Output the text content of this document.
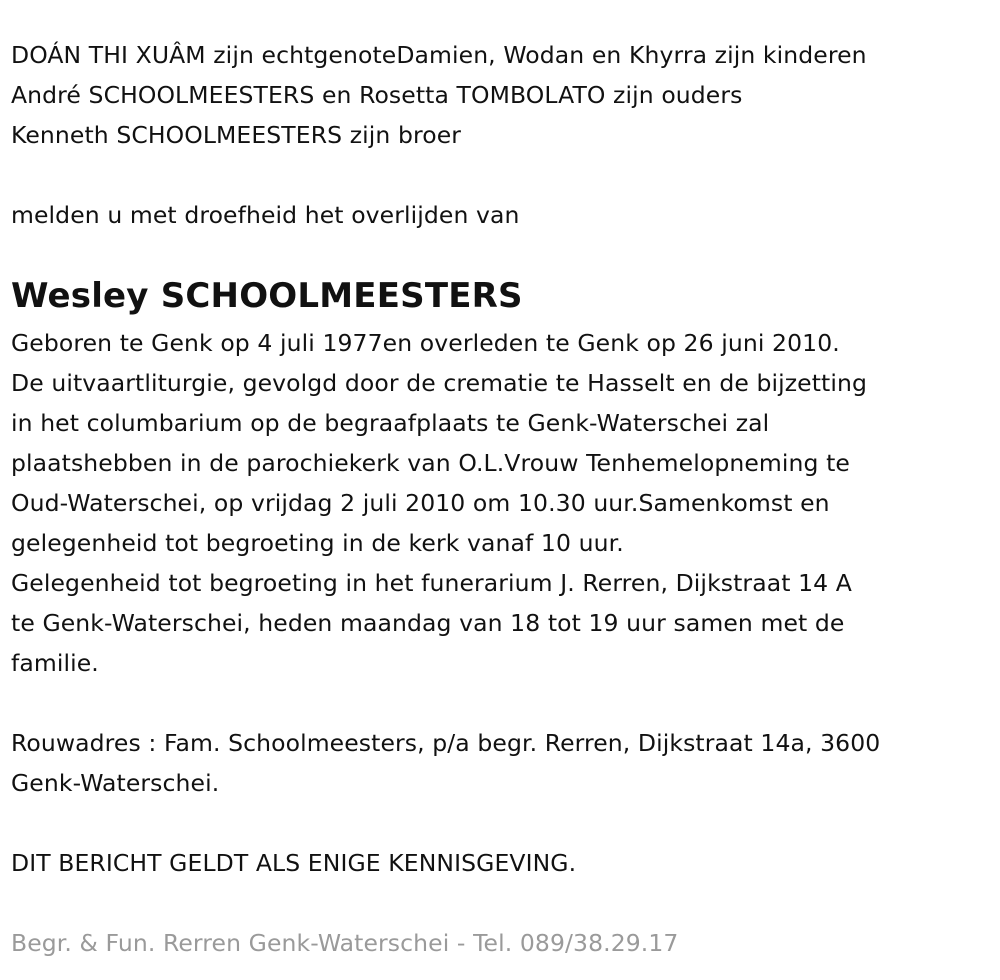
DOÁN THI XUÂM zijn echtgenoteDamien, Wodan en Khyrra zijn kinderen
André SCHOOLMEESTERS en Rosetta TOMBOLATO zijn ouders
Kenneth SCHOOLMEESTERS zijn broer
melden u met droefheid het overlijden van
Wesley SCHOOLMEESTERS
Geboren te Genk op 4 juli 1977en overleden te Genk op 26 juni 2010.
De uitvaartliturgie, gevolgd door de crematie te Hasselt en de bijzetting
in het columbarium op de begraafplaats te Genk-Waterschei zal
plaatshebben in de parochiekerk van O.L.Vrouw Tenhemelopneming te
Oud-Waterschei, op vrijdag 2 juli 2010 om 10.30 uur.Samenkomst en
gelegenheid tot begroeting in de kerk vanaf 10 uur.
Gelegenheid tot begroeting in het funerarium J. Rerren, Dijkstraat 14 A
te Genk-Waterschei, heden maandag van 18 tot 19 uur samen met de
familie.
Rouwadres : Fam. Schoolmeesters, p/a begr. Rerren, Dijkstraat 14a, 3600
Genk-Waterschei.
DIT BERICHT GELDT ALS ENIGE KENNISGEVING.
Begr. & Fun. Rerren Genk-Waterschei - Tel. 089/38.29.17
